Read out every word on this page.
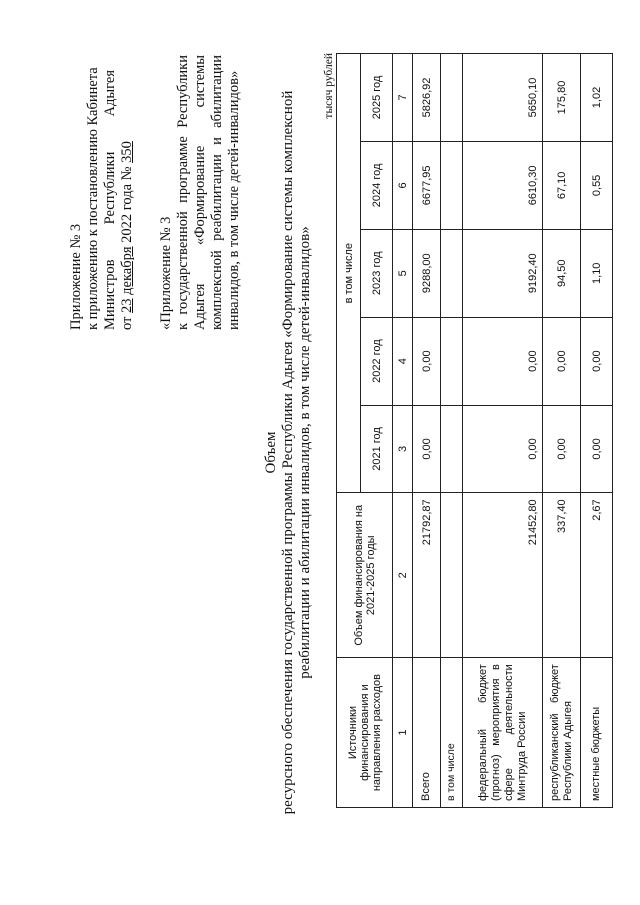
Приложение № 3 к приложению к постановлению Кабинета Министров
Республики
Адыгея
от 23 декабря 2022 года № 350
«Приложение № 3 к
государственной
программе
Республики
Адыгея
«Формирование
системы
комплексной
реабилитации
и
абилитации инвалидов, в том числе детей-инвалидов»
Объем ресурсного обеспечения государственной программы Республики Адыгея «Формирование системы комплексной реабилитации и абилитации инвалидов, в том числе детей-инвалидов»
тысяч рублей
Источники финансирования и направления расходов	Объем финансирования на 2021-2025 годы	в том числе				
		2021 год	2022 год	2023 год	2024 год	2025 год
1	2	3	4	5	6	7
Всего	21792,87	0,00	0,00	9288,00	6677,95	5826,92
в том числе						
федеральный бюджет (прогноз) мероприятия в сфере деятельности Минтруда России	21452,80	0,00	0,00	9192,40	6610,30	5650,10
республиканский бюджет Республики Адыгея	337,40	0,00	0,00	94,50	67,10	175,80
местные бюджеты	2,67	0,00	0,00	1,10	0,55	1,02
